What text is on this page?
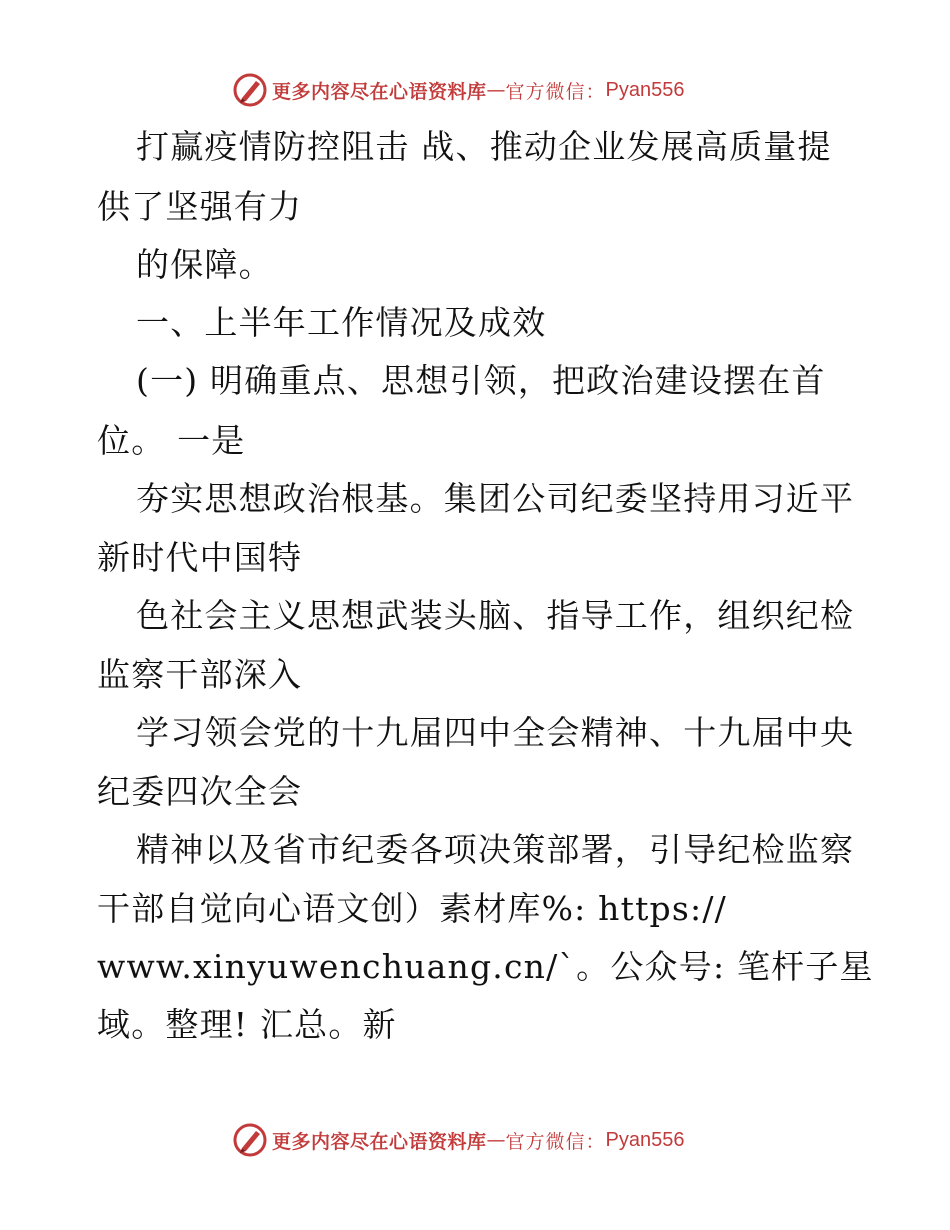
更多内容尽在心语资料库 — 官方微信： Pyan556
打赢疫情防控阻击 战、推动企业发展高质量提
供了坚强有力
的保障。
一、上半年工作情况及成效
(一) 明确重点、思想引领，把政治建设摆在首
位。 一是
夯实思想政治根基。集团公司纪委坚持用习近平
新时代中国特
色社会主义思想武装头脑、指导工作，组织纪检
监察干部深入
学习领会党的十九届四中全会精神、十九届中央
纪委四次全会
精神以及省市纪委各项决策部署，引导纪检监察
干部自觉向心语文创）素材库%: https://
www.xinyuwenchuang.cn/`。公众号: 笔杆子星
域。整理! 汇总。新
更多内容尽在心语资料库 — 官方微信： Pyan556
